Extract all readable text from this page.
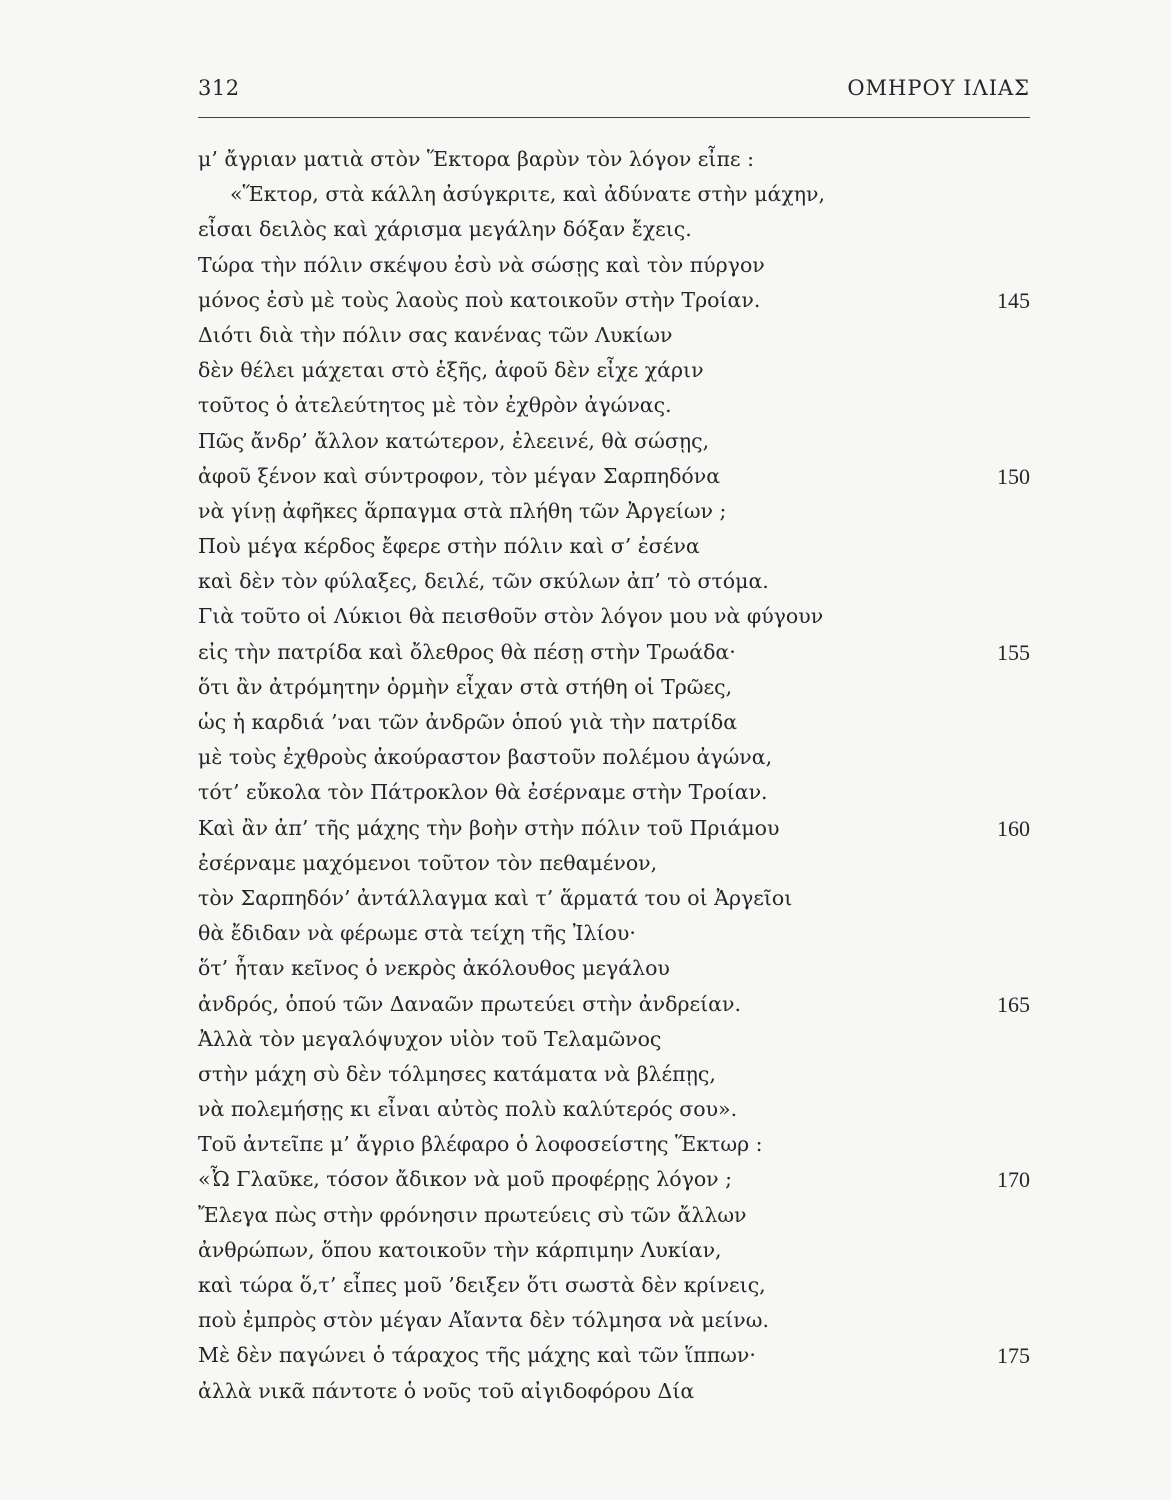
312	ΟΜΗΡΟΥ ΙΛΙΑΣ
μ’ ἄγριαν ματιὰ στὸν Ἕκτορα βαρὺν τὸν λόγον εἶπε :
«Ἕκτορ, στὰ κάλλη ἀσύγκριτε, καὶ ἀδύνατε στὴν μάχην,
εἶσαι δειλὸς καὶ χάρισμα μεγάλην δόξαν ἔχεις.
Τώρα τὴν πόλιν σκέψου ἐσὺ νὰ σώσῃς καὶ τὸν πύργον
μόνος ἐσὺ μὲ τοὺς λαοὺς ποὺ κατοικοῦν στὴν Τροίαν.	145
Διότι διὰ τὴν πόλιν σας κανένας τῶν Λυκίων
δὲν θέλει μάχεται στὸ ἑξῆς, ἀφοῦ δὲν εἶχε χάριν
τοῦτος ὁ ἀτελεύτητος μὲ τὸν ἐχθρὸν ἀγώνας.
Πῶς ἄνδρ’ ἄλλον κατώτερον, ἐλεεινέ, θὰ σώσῃς,
ἀφοῦ ξένον καὶ σύντροφον, τὸν μέγαν Σαρπηδόνα	150
νὰ γίνῃ ἀφῆκες ἅρπαγμα στὰ πλήθη τῶν Ἀργείων ;
Ποὺ μέγα κέρδος ἔφερε στὴν πόλιν καὶ σ’ ἐσένα
καὶ δὲν τὸν φύλαξες, δειλέ, τῶν σκύλων ἀπ’ τὸ στόμα.
Γιὰ τοῦτο οἱ Λύκιοι θὰ πεισθοῦν στὸν λόγον μου νὰ φύγουν
εἰς τὴν πατρίδα καὶ ὄλεθρος θὰ πέσῃ στὴν Τρωάδα·	155
ὅτι ἂν ἀτρόμητην ὁρμὴν εἶχαν στὰ στήθη οἱ Τρῶες,
ὡς ἡ καρδιά ’ναι τῶν ἀνδρῶν ὁπού γιὰ τὴν πατρίδα
μὲ τοὺς ἐχθροὺς ἀκούραστον βαστοῦν πολέμου ἀγώνα,
τότ’ εὔκολα τὸν Πάτροκλον θὰ ἐσέρναμε στὴν Τροίαν.
Καὶ ἂν ἀπ’ τῆς μάχης τὴν βοὴν στὴν πόλιν τοῦ Πριάμου	160
ἐσέρναμε μαχόμενοι τοῦτον τὸν πεθαμένον,
τὸν Σαρπηδόν’ ἀντάλλαγμα καὶ τ’ ἅρματά του οἱ Ἀργεῖοι
θὰ ἔδιδαν νὰ φέρωμε στὰ τείχη τῆς Ἰλίου·
ὅτ’ ἦταν κεῖνος ὁ νεκρὸς ἀκόλουθος μεγάλου
ἀνδρός, ὁπού τῶν Δαναῶν πρωτεύει στὴν ἀνδρείαν.	165
Ἀλλὰ τὸν μεγαλόψυχον υἱὸν τοῦ Τελαμῶνος
στὴν μάχη σὺ δὲν τόλμησες κατάματα νὰ βλέπῃς,
νὰ πολεμήσῃς κι εἶναι αὐτὸς πολὺ καλύτερός σου».
Τοῦ ἀντεῖπε μ’ ἄγριο βλέφαρο ὁ λοφοσείστης Ἕκτωρ :
«Ὦ Γλαῦκε, τόσον ἄδικον νὰ μοῦ προφέρῃς λόγον ;	170
Ἔλεγα πὼς στὴν φρόνησιν πρωτεύεις σὺ τῶν ἄλλων
ἀνθρώπων, ὅπου κατοικοῦν τὴν κάρπιμην Λυκίαν,
καὶ τώρα ὅ,τ’ εἶπες μοῦ ’δειξεν ὅτι σωστὰ δὲν κρίνεις,
ποὺ ἐμπρὸς στὸν μέγαν Αἴαντα δὲν τόλμησα νὰ μείνω.
Μὲ δὲν παγώνει ὁ τάραχος τῆς μάχης καὶ τῶν ἵππων·	175
ἀλλὰ νικᾶ πάντοτε ὁ νοῦς τοῦ αἰγιδοφόρου Δία
